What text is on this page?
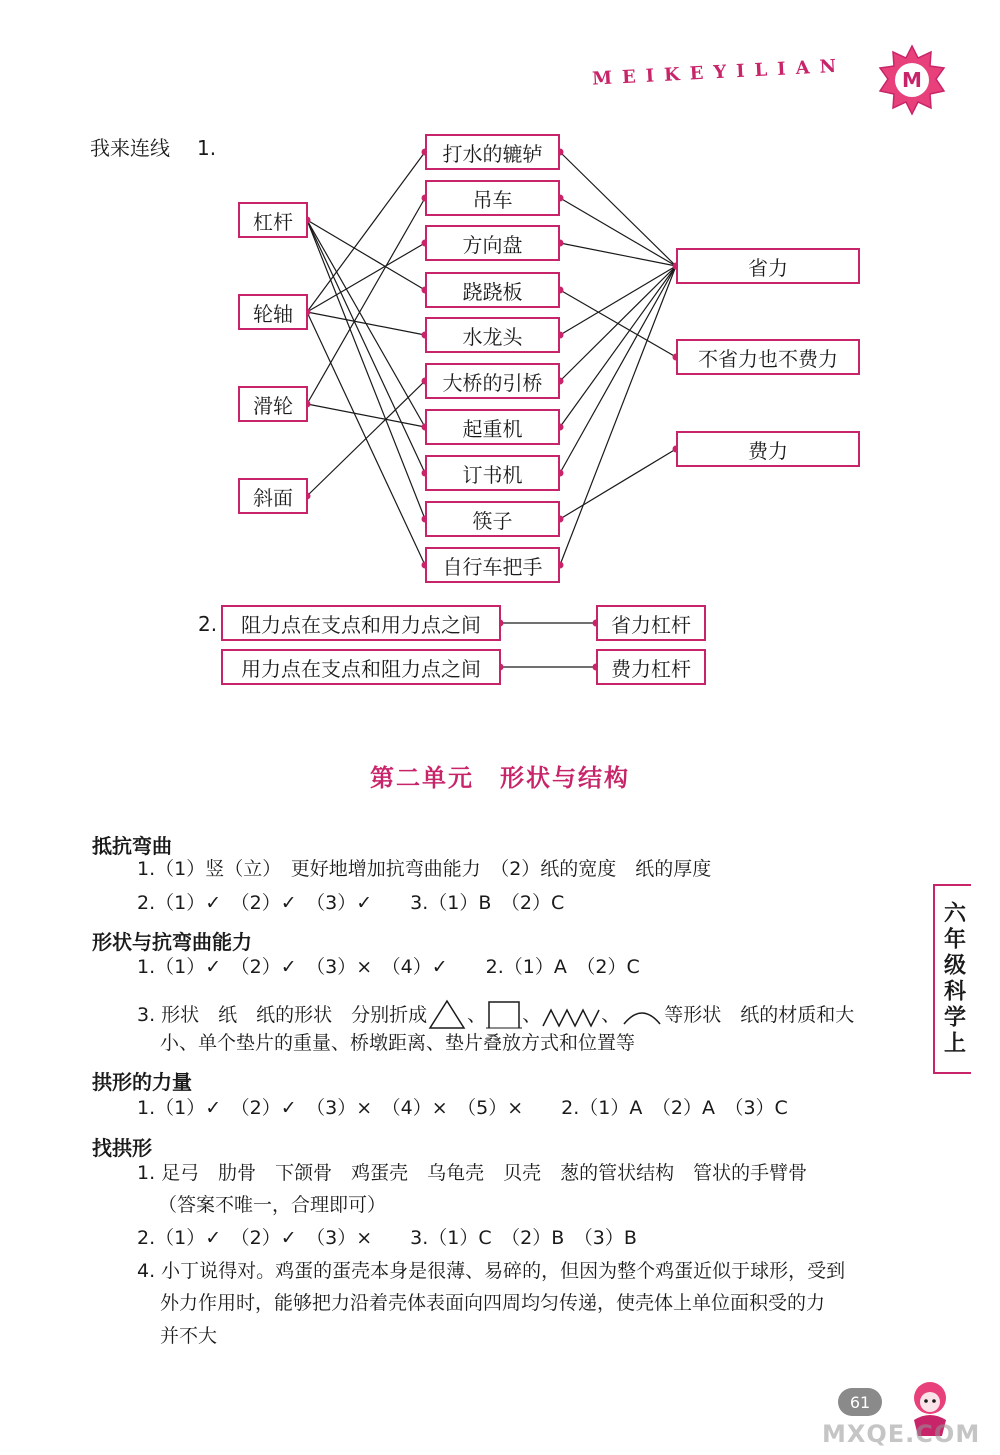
MEIKEYILIAN	M
我来连线 1.
杠杆
轮轴
滑轮
斜面
打水的辘轳
吊车
方向盘
跷跷板
水龙头
大桥的引桥
起重机
订书机
筷子
自行车把手
省力
不省力也不费力
费力
2.	阻力点在支点和用力点之间	省力杠杆
用力点在支点和阻力点之间	费力杠杆
第二单元　形状与结构
抵抗弯曲
1.（1）竖（立）　更好地增加抗弯曲能力　（2）纸的宽度　纸的厚度
2.（1）✓　（2）✓　（3）✓　　3.（1）B　（2）C
形状与抗弯曲能力
1.（1）✓　（2）✓　（3）×　（4）✓　　2.（1）A　（2）C
3. 形状　纸　纸的形状　分别折成 、 、	、 等形状　纸的材质和大
小、单个垫片的重量、桥墩距离、垫片叠放方式和位置等
拱形的力量
1.（1）✓　（2）✓　（3）×　（4）×　（5）×　　2.（1）A　（2）A　（3）C
找拱形
1. 足弓　肋骨　下颌骨　鸡蛋壳　乌龟壳　贝壳　葱的管状结构　管状的手臂骨
（答案不唯一，合理即可）
2.（1）✓　（2）✓　（3）×　　3.（1）C　（2）B　（3）B
4. 小丁说得对。鸡蛋的蛋壳本身是很薄、易碎的，但因为整个鸡蛋近似于球形，受到
外力作用时，能够把力沿着壳体表面向四周均匀传递，使壳体上单位面积受的力
并不大
六年级科学上
61
MXQE.COM
